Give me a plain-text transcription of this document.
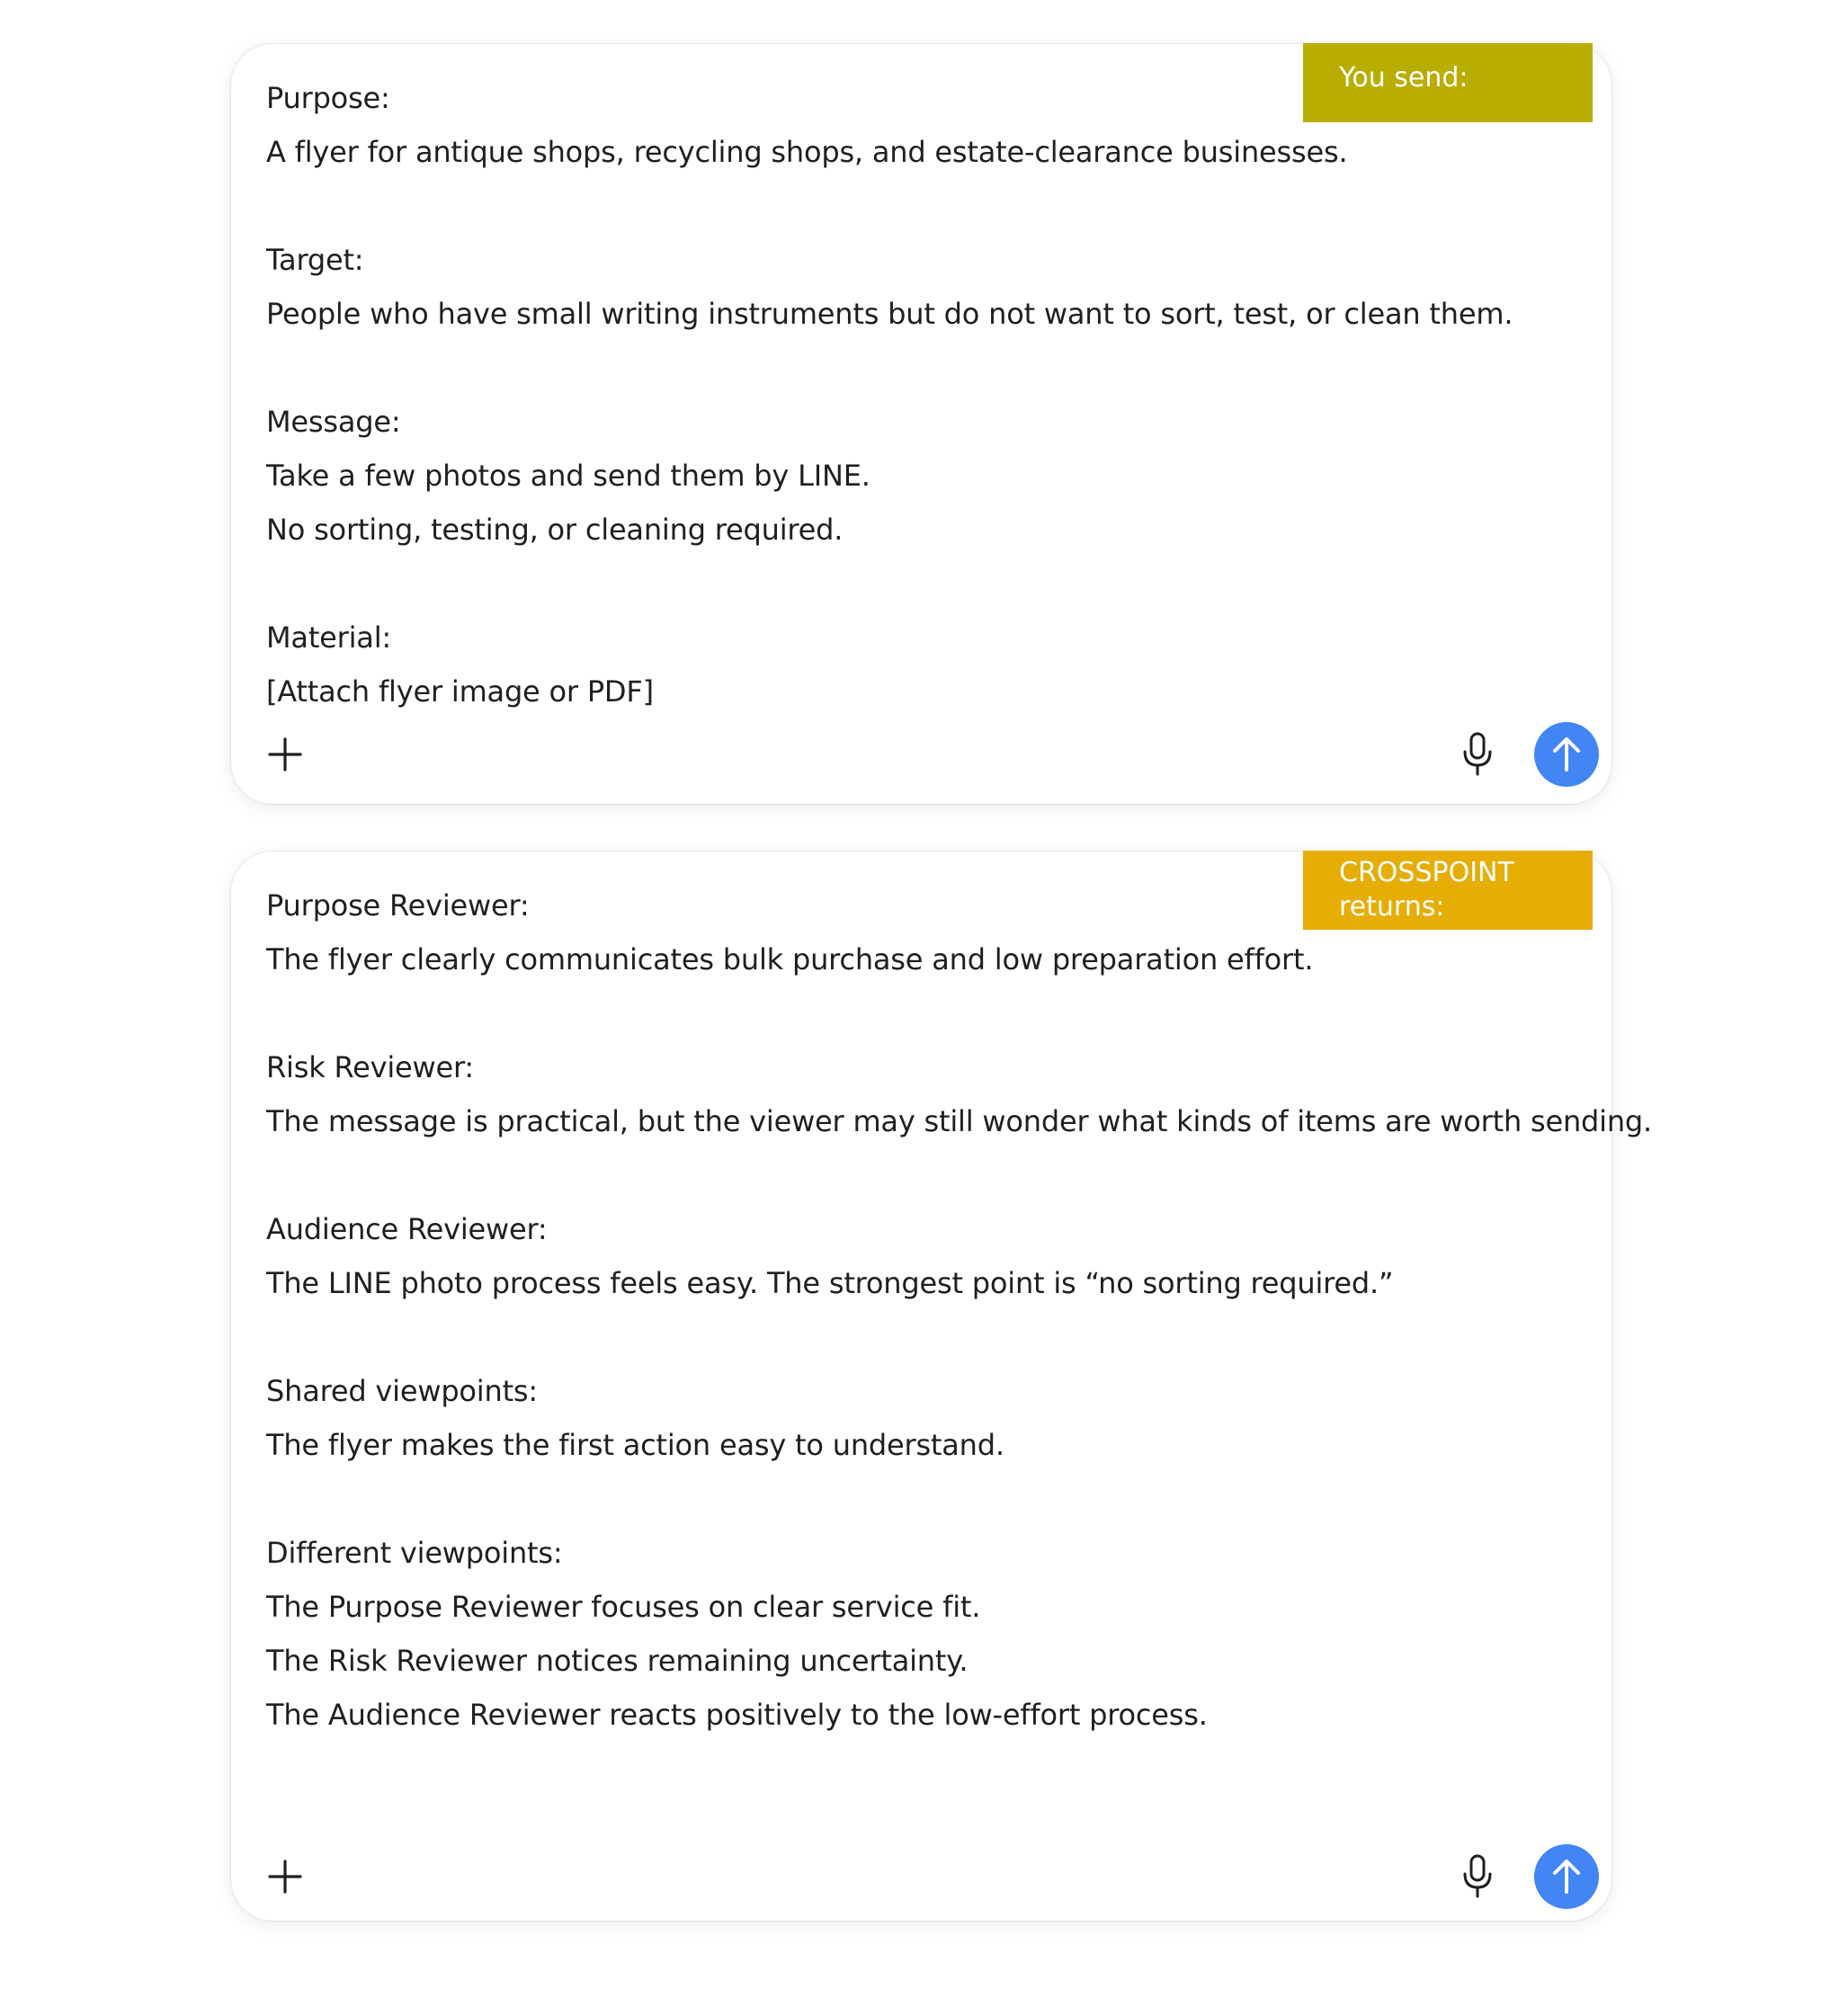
Purpose:
A flyer for antique shops, recycling shops, and estate-clearance businesses.
Target:
People who have small writing instruments but do not want to sort, test, or clean them.
Message:
Take a few photos and send them by LINE.
No sorting, testing, or cleaning required.
Material:
[Attach flyer image or PDF]
Purpose Reviewer:
The flyer clearly communicates bulk purchase and low preparation effort.
Risk Reviewer:
The message is practical, but the viewer may still wonder what kinds of items are worth sending.
Audience Reviewer:
The LINE photo process feels easy. The strongest point is “no sorting required.”
Shared viewpoints:
The flyer makes the first action easy to understand.
Different viewpoints:
The Purpose Reviewer focuses on clear service fit.
The Risk Reviewer notices remaining uncertainty.
The Audience Reviewer reacts positively to the low-effort process.
You send:
CROSSPOINT
returns:
